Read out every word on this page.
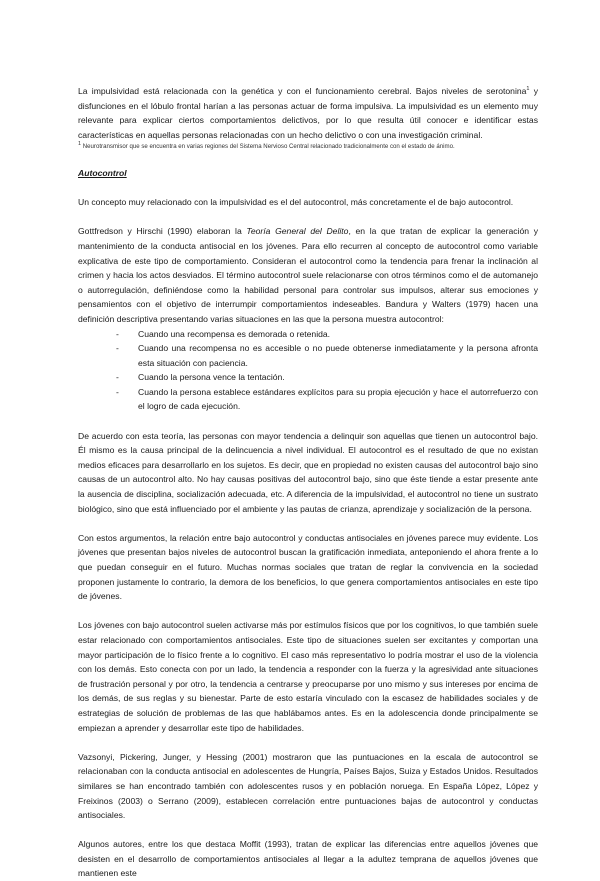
La impulsividad está relacionada con la genética y con el funcionamiento cerebral. Bajos niveles de serotonina$^1$ y disfunciones en el lóbulo frontal harían a las personas actuar de forma impulsiva. La impulsividad es un elemento muy relevante para explicar ciertos comportamientos delictivos, por lo que resulta útil conocer e identificar estas características en aquellas personas relacionadas con un hecho delictivo o con una investigación criminal.

$^1$ Neurotransmisor que se encuentra en varias regiones del Sistema Nervioso Central relacionado tradicionalmente con el estado de ánimo.

Autocontrol

Un concepto muy relacionado con la impulsividad es el del autocontrol, más concretamente el de bajo autocontrol.

Gottfredson y Hirschi (1990) elaboran la Teoría General del Delito, en la que tratan de explicar la generación y mantenimiento de la conducta antisocial en los jóvenes. Para ello recurren al concepto de autocontrol como variable explicativa de este tipo de comportamiento. Consideran el autocontrol como la tendencia para frenar la inclinación al crimen y hacia los actos desviados. El término autocontrol suele relacionarse con otros términos como el de automanejo o autorregulación, definiéndose como la habilidad personal para controlar sus impulsos, alterar sus emociones y pensamientos con el objetivo de interrumpir comportamientos indeseables. Bandura y Walters (1979) hacen una definición descriptiva presentando varias situaciones en las que la persona muestra autocontrol:

- Cuando una recompensa es demorada o retenida.
- Cuando una recompensa no es accesible o no puede obtenerse inmediatamente y la persona afronta esta situación con paciencia.
- Cuando la persona vence la tentación.
- Cuando la persona establece estándares explícitos para su propia ejecución y hace el autorrefuerzo con el logro de cada ejecución.

De acuerdo con esta teoría, las personas con mayor tendencia a delinquir son aquellas que tienen un autocontrol bajo. Él mismo es la causa principal de la delincuencia a nivel individual. El autocontrol es el resultado de que no existan medios eficaces para desarrollarlo en los sujetos. Es decir, que en propiedad no existen causas del autocontrol bajo sino causas de un autocontrol alto. No hay causas positivas del autocontrol bajo, sino que éste tiende a estar presente ante la ausencia de disciplina, socialización adecuada, etc. A diferencia de la impulsividad, el autocontrol no tiene un sustrato biológico, sino que está influenciado por el ambiente y las pautas de crianza, aprendizaje y socialización de la persona.

Con estos argumentos, la relación entre bajo autocontrol y conductas antisociales en jóvenes parece muy evidente. Los jóvenes que presentan bajos niveles de autocontrol buscan la gratificación inmediata, anteponiendo el ahora frente a lo que puedan conseguir en el futuro. Muchas normas sociales que tratan de reglar la convivencia en la sociedad proponen justamente lo contrario, la demora de los beneficios, lo que genera comportamientos antisociales en este tipo de jóvenes.

Los jóvenes con bajo autocontrol suelen activarse más por estímulos físicos que por los cognitivos, lo que también suele estar relacionado con comportamientos antisociales. Este tipo de situaciones suelen ser excitantes y comportan una mayor participación de lo físico frente a lo cognitivo. El caso más representativo lo podría mostrar el uso de la violencia con los demás. Esto conecta con por un lado, la tendencia a responder con la fuerza y la agresividad ante situaciones de frustración personal y por otro, la tendencia a centrarse y preocuparse por uno mismo y sus intereses por encima de los demás, de sus reglas y su bienestar. Parte de esto estaría vinculado con la escasez de habilidades sociales y de estrategias de solución de problemas de las que hablábamos antes. Es en la adolescencia donde principalmente se empiezan a aprender y desarrollar este tipo de habilidades.

Vazsonyi, Pickering, Junger, y Hessing (2001) mostraron que las puntuaciones en la escala de autocontrol se relacionaban con la conducta antisocial en adolescentes de Hungría, Países Bajos, Suiza y Estados Unidos. Resultados similares se han encontrado también con adolescentes rusos y en población noruega. En España López, López y Freixinos (2003) o Serrano (2009), establecen correlación entre puntuaciones bajas de autocontrol y conductas antisociales.

Algunos autores, entre los que destaca Moffit (1993), tratan de explicar las diferencias entre aquellos jóvenes que desisten en el desarrollo de comportamientos antisociales al llegar a la adultez temprana de aquellos jóvenes que mantienen este
